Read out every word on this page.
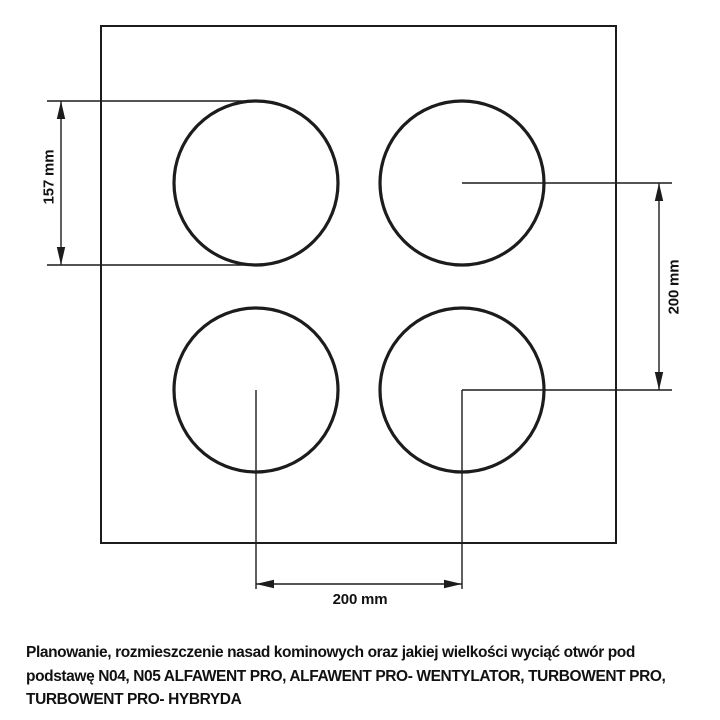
157 mm
200 mm
200 mm
Planowanie, rozmieszczenie nasad kominowych oraz jakiej wielkości wyciąć otwór pod
podstawę N04, N05 ALFAWENT PRO, ALFAWENT PRO- WENTYLATOR, TURBOWENT PRO,
TURBOWENT PRO- HYBRYDA
